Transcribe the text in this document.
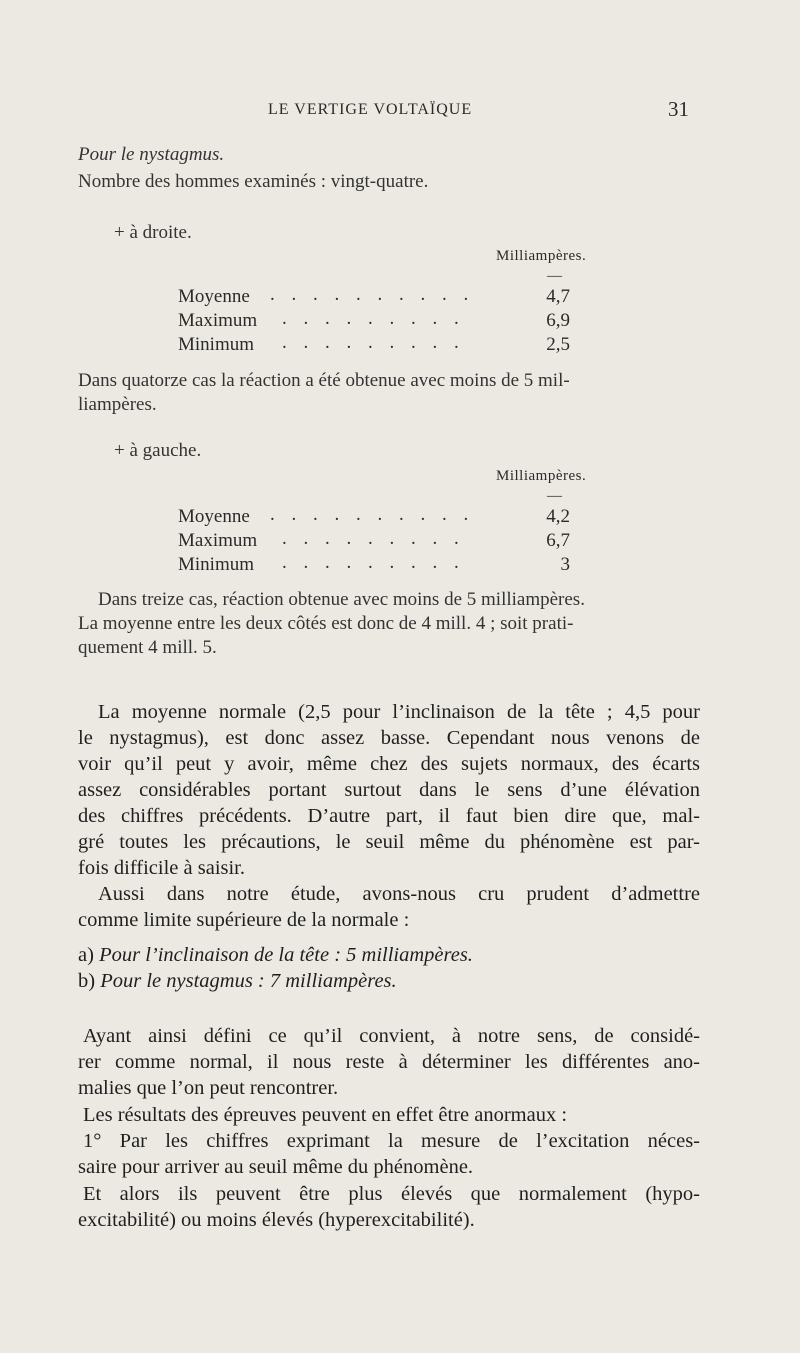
LE VERTIGE VOLTAÏQUE	31
Pour le nystagmus.
Nombre des hommes examinés : vingt-quatre.
+ à droite.
Milliampères.
—
Moyenne . . . . . . . . . .	4,7
Maximum . . . . . . . . .	6,9
Minimum . . . . . . . . .	2,5
Dans quatorze cas la réaction a été obtenue avec moins de 5 mil-
liampères.
+ à gauche.
Milliampères.
—
Moyenne . . . . . . . . . .	4,2
Maximum . . . . . . . . .	6,7
Minimum . . . . . . . . .	3
Dans treize cas, réaction obtenue avec moins de 5 milliampères.
La moyenne entre les deux côtés est donc de 4 mill. 4 ; soit prati-
quement 4 mill. 5.
La moyenne normale (2,5 pour l’inclinaison de la tête ; 4,5 pour
le nystagmus), est donc assez basse. Cependant nous venons de
voir qu’il peut y avoir, même chez des sujets normaux, des écarts
assez considérables portant surtout dans le sens d’une élévation
des chiffres précédents. D’autre part, il faut bien dire que, mal-
gré toutes les précautions, le seuil même du phénomène est par-
fois difficile à saisir.
Aussi dans notre étude, avons-nous cru prudent d’admettre
comme limite supérieure de la normale :
a) Pour l’inclinaison de la tête : 5 milliampères.
b) Pour le nystagmus : 7 milliampères.
Ayant ainsi défini ce qu’il convient, à notre sens, de considé-
rer comme normal, il nous reste à déterminer les différentes ano-
malies que l’on peut rencontrer.
Les résultats des épreuves peuvent en effet être anormaux :
1° Par les chiffres exprimant la mesure de l’excitation néces-
saire pour arriver au seuil même du phénomène.
Et alors ils peuvent être plus élevés que normalement (hypo-
excitabilité) ou moins élevés (hyperexcitabilité).
